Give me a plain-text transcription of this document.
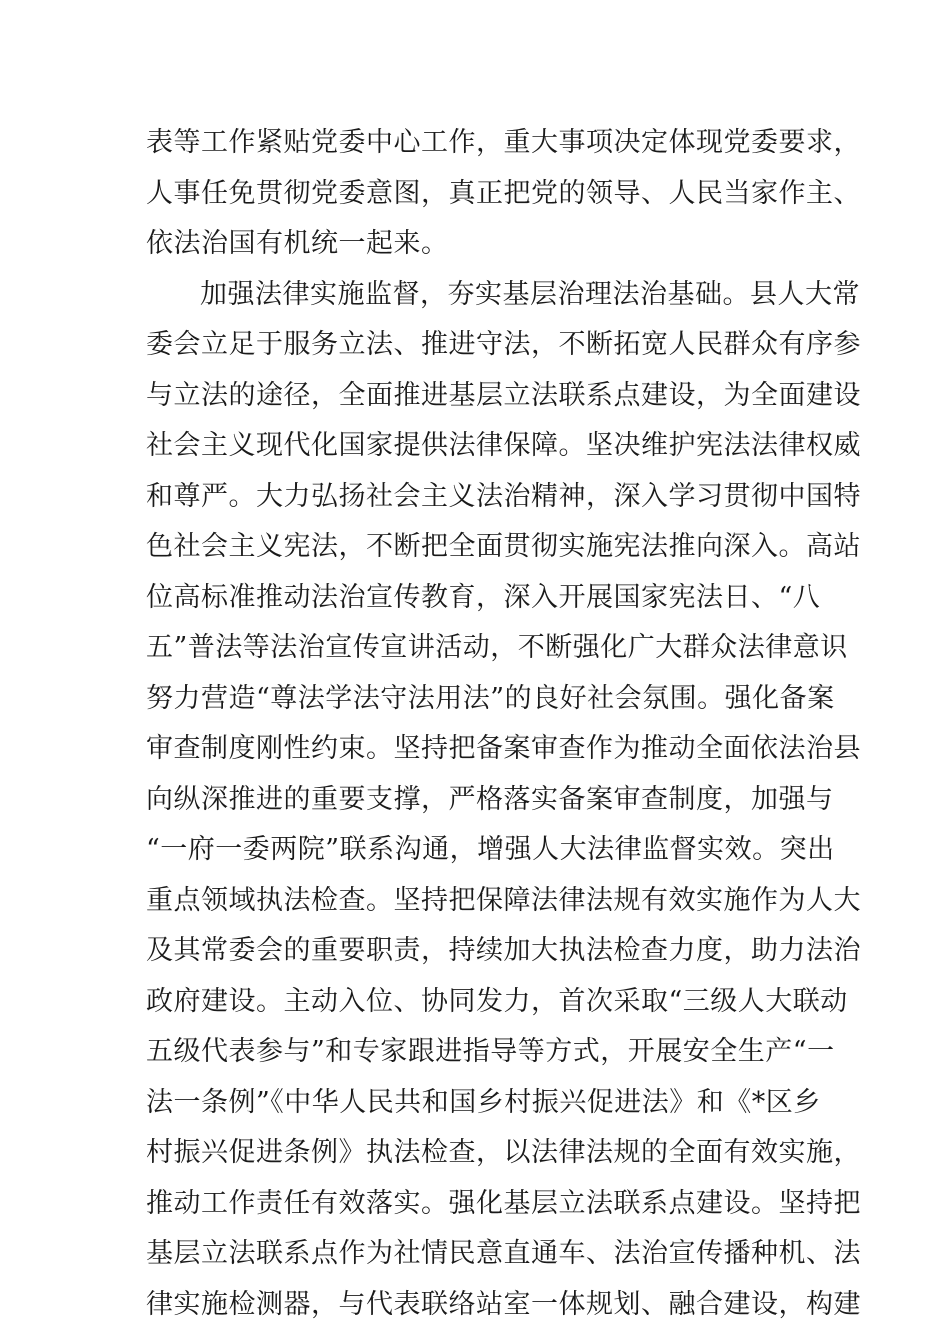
表等工作紧贴党委中心工作，重大事项决定体现党委要求，
人事任免贯彻党委意图，真正把党的领导、人民当家作主、
依法治国有机统一起来。
加强法律实施监督，夯实基层治理法治基础。县人大常
委会立足于服务立法、推进守法，不断拓宽人民群众有序参
与立法的途径，全面推进基层立法联系点建设，为全面建设
社会主义现代化国家提供法律保障。坚决维护宪法法律权威
和尊严。大力弘扬社会主义法治精神，深入学习贯彻中国特
色社会主义宪法，不断把全面贯彻实施宪法推向深入。高站
位高标准推动法治宣传教育，深入开展国家宪法日、“八
五”普法等法治宣传宣讲活动，不断强化广大群众法律意识
努力营造“尊法学法守法用法”的良好社会氛围。强化备案
审查制度刚性约束。坚持把备案审查作为推动全面依法治县
向纵深推进的重要支撑，严格落实备案审查制度，加强与
“一府一委两院”联系沟通，增强人大法律监督实效。突出
重点领域执法检查。坚持把保障法律法规有效实施作为人大
及其常委会的重要职责，持续加大执法检查力度，助力法治
政府建设。主动入位、协同发力，首次采取“三级人大联动
五级代表参与”和专家跟进指导等方式，开展安全生产“一
法一条例”《中华人民共和国乡村振兴促进法》和《*区乡
村振兴促进条例》执法检查，以法律法规的全面有效实施，
推动工作责任有效落实。强化基层立法联系点建设。坚持把
基层立法联系点作为社情民意直通车、法治宣传播种机、法
律实施检测器，与代表联络站室一体规划、融合建设，构建
